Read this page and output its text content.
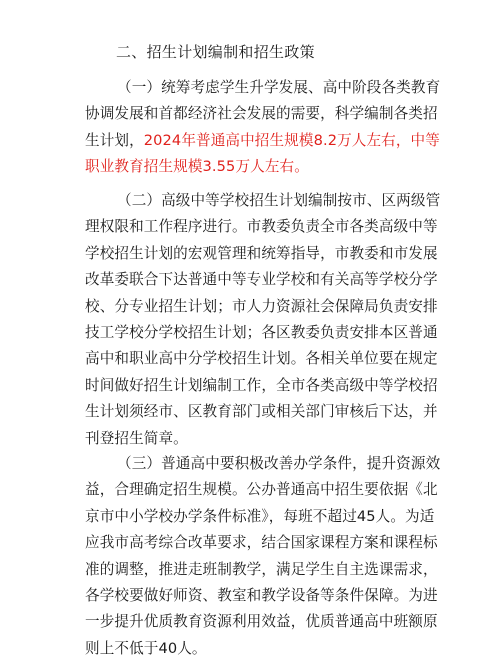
二、招生计划编制和招生政策
（一）统筹考虑学生升学发展、高中阶段各类教育
协调发展和首都经济社会发展的需要，科学编制各类招
生计划，2024年普通高中招生规模8.2万人左右，中等
职业教育招生规模3.55万人左右。
（二）高级中等学校招生计划编制按市、区两级管
理权限和工作程序进行。市教委负责全市各类高级中等
学校招生计划的宏观管理和统筹指导，市教委和市发展
改革委联合下达普通中等专业学校和有关高等学校分学
校、分专业招生计划；市人力资源社会保障局负责安排
技工学校分学校招生计划；各区教委负责安排本区普通
高中和职业高中分学校招生计划。各相关单位要在规定
时间做好招生计划编制工作，全市各类高级中等学校招
生计划须经市、区教育部门或相关部门审核后下达，并
刊登招生简章。
（三）普通高中要积极改善办学条件，提升资源效
益，合理确定招生规模。公办普通高中招生要依据《北
京市中小学校办学条件标准》，每班不超过45人。为适
应我市高考综合改革要求，结合国家课程方案和课程标
准的调整，推进走班制教学，满足学生自主选课需求，
各学校要做好师资、教室和教学设备等条件保障。为进
一步提升优质教育资源利用效益，优质普通高中班额原
则上不低于40人。
